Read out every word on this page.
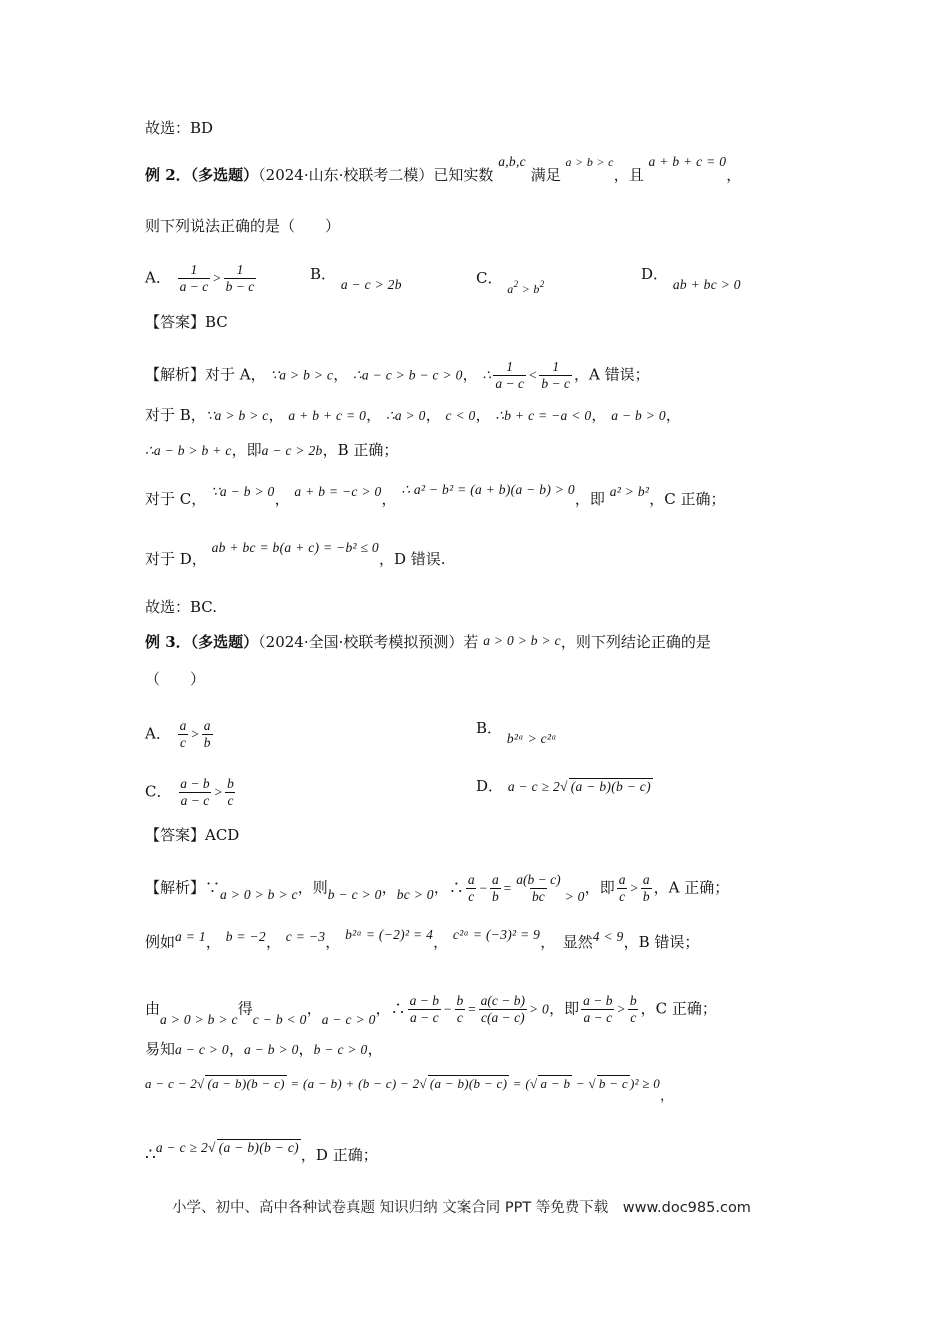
故选：BD
例 2．（多选题）（2024·山东·校联考二模）已知实数 a,b,c 满足 $^{a > b > c}$，且 a + b + c = 0，
则下列说法正确的是（　　）
A． $\frac{1}{a - c} > \frac{1}{b - c}$	B． a − c > 2b	C． $_{a^2 > b^2}$
D． ab + bc > 0
【答案】BC
【解析】对于 A， ∵a > b > c， ∴a − c > b − c > 0， ∴ $\frac{1}{a - c} < \frac{1}{b - c}$ ，A 错误；
对于 B，∵a > b > c， a + b + c = 0， ∴a > 0， c < 0， ∴b + c = −a < 0， a − b > 0，
∴a − b > b + c，即a − c > 2b，B 正确；
对于 C， ∵a − b > 0， a + b = −c > 0， ∴ a² − b² = (a + b)(a − b) > 0，即 a² > b²，C 正确；
对于 D， ab + bc = b(a + c) = −b² ≤ 0，D 错误.
故选：BC.
例 3．（多选题）（2024·全国·校联考模拟预测）若 a > 0 > b > c，则下列结论正确的是
（　　）
A． $\frac{a}{c} > \frac{a}{b}$	B． b²ᵃ > c²ᵃ
C． $\frac{a - b}{a - c} > \frac{b}{c}$	D． a − c ≥ 2√ (a − b)(b − c)
【答案】ACD
【解析】∵a > 0 > b > c，则b − c > 0，bc > 0，∴ $\frac{a}{c} - \frac{a}{b} = \frac{a(b - c)}{bc} > 0$，即 $\frac{a}{c} > \frac{a}{b}$ ，A 正确；
例如a = 1， b = −2， c = −3， b²ᵃ = (−2)² = 4， c²ᵃ = (−3)² = 9，　显然4 < 9，B 错误；
由a > 0 > b > c得c − b < 0，a − c > 0，∴ $\frac{a - b}{a - c} - \frac{b}{c} = \frac{a(c - b)}{c(a - c)} > 0$，即 $\frac{a - b}{a - c} > \frac{b}{c}$ ，C 正确；
易知a − c > 0，a − b > 0，b − c > 0，
a − c − 2√ (a − b)(b − c) = (a − b) + (b − c) − 2√ (a − b)(b − c) = (√ a − b − √ b − c )² ≥ 0，
∴a − c ≥ 2√ (a − b)(b − c) ，D 正确；
小学、初中、高中各种试卷真题 知识归纳 文案合同 PPT 等免费下载　www.doc985.com
